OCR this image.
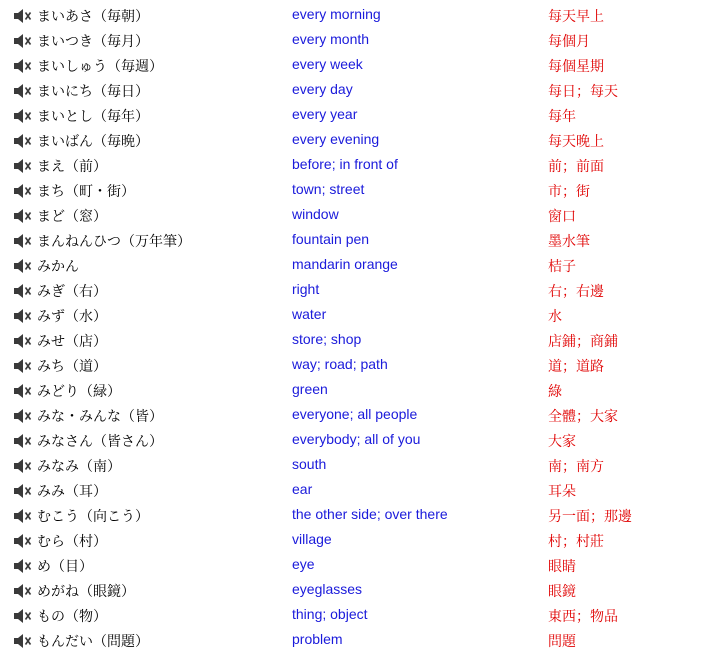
まいあさ（毎朝）	every morning	每天早上
まいつき（毎月）	every month	每個月
まいしゅう（毎週）	every week	每個星期
まいにち（毎日）	every day	每日；每天
まいとし（毎年）	every year	每年
まいばん（毎晩）	every evening	每天晚上
まえ（前）	before; in front of	前；前面
まち（町・街）	town; street	市；街
まど（窓）	window	窗口
まんねんひつ（万年筆）	fountain pen	墨水筆
みかん	mandarin orange	桔子
みぎ（右）	right	右；右邊
みず（水）	water	水
みせ（店）	store; shop	店鋪；商鋪
みち（道）	way; road; path	道；道路
みどり（緑）	green	綠
みな・みんな（皆）	everyone; all people	全體；大家
みなさん（皆さん）	everybody; all of you	大家
みなみ（南）	south	南；南方
みみ（耳）	ear	耳朵
むこう（向こう）	the other side; over there	另一面；那邊
むら（村）	village	村；村莊
め（目）	eye	眼睛
めがね（眼鏡）	eyeglasses	眼鏡
もの（物）	thing; object	東西；物品
もんだい（問題）	problem	問題
